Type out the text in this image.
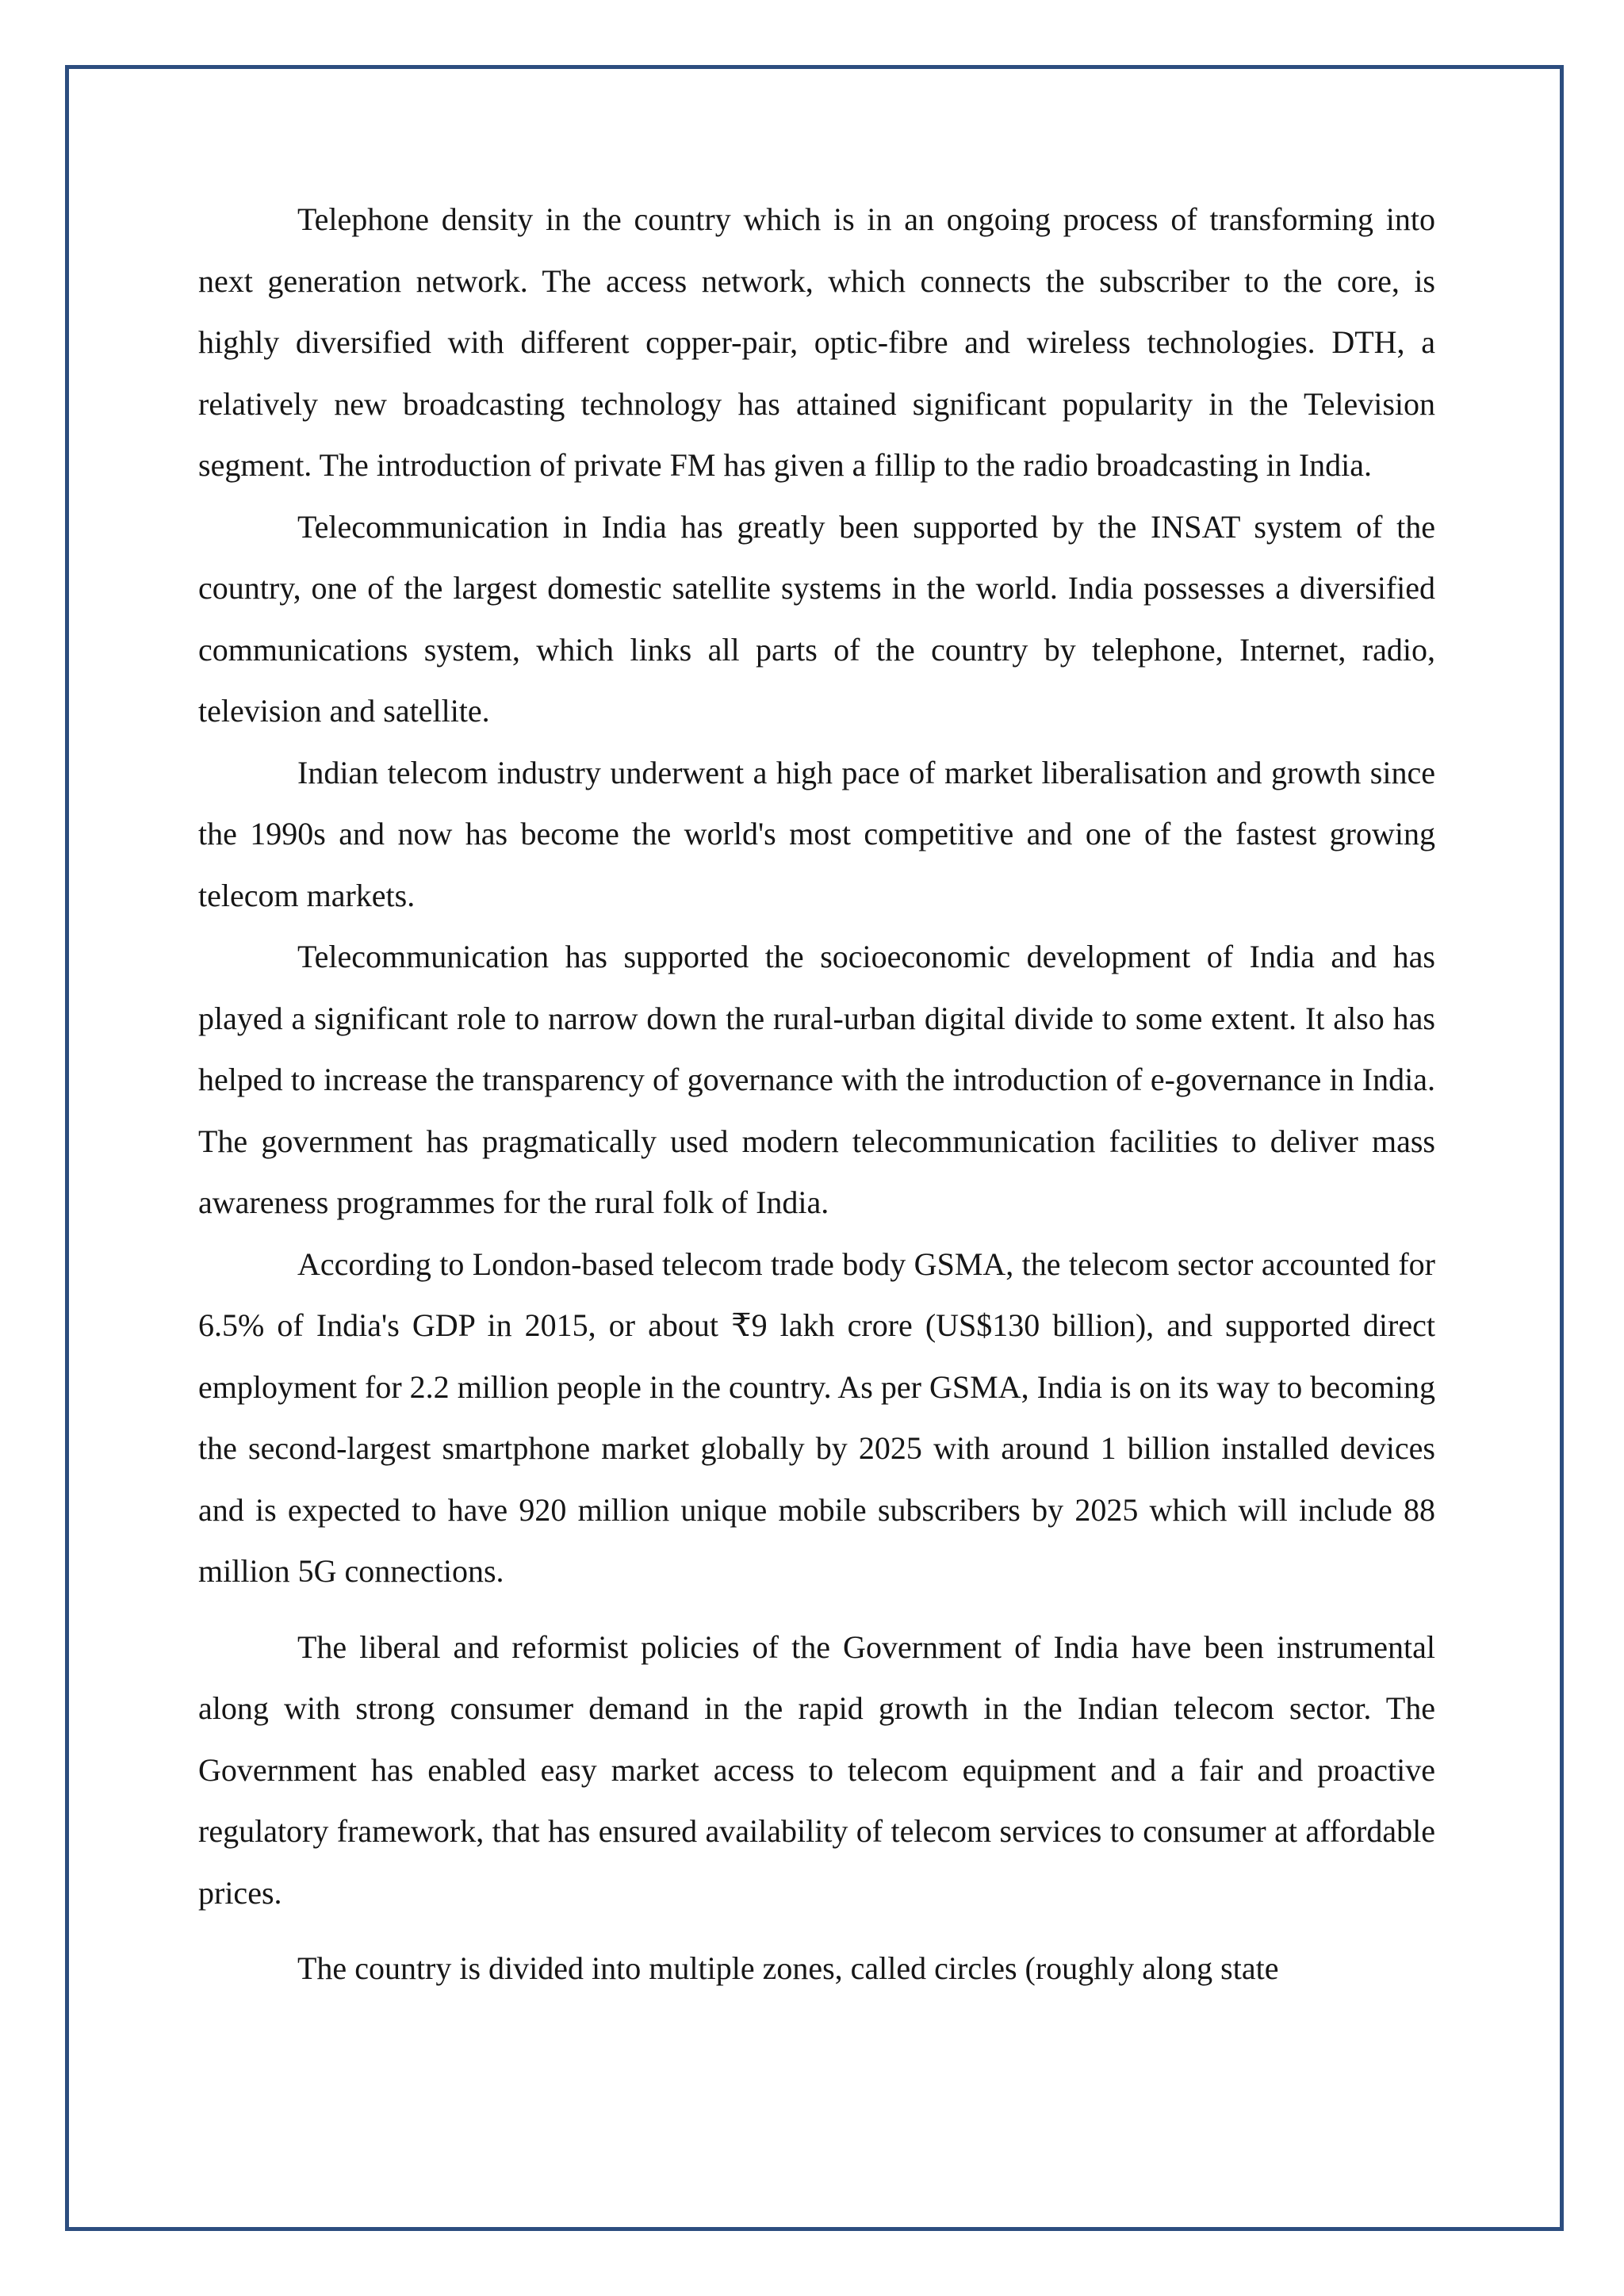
Telephone density in the country which is in an ongoing process of transforming into next generation network. The access network, which connects the subscriber to the core, is highly diversified with different copper-pair, optic-fibre and wireless technologies. DTH, a relatively new broadcasting technology has attained significant popularity in the Television segment. The introduction of private FM has given a fillip to the radio broadcasting in India.

Telecommunication in India has greatly been supported by the INSAT system of the country, one of the largest domestic satellite systems in the world. India possesses a diversified communications system, which links all parts of the country by telephone, Internet, radio, television and satellite.

Indian telecom industry underwent a high pace of market liberalisation and growth since the 1990s and now has become the world's most competitive and one of the fastest growing telecom markets.

Telecommunication has supported the socioeconomic development of India and has played a significant role to narrow down the rural-urban digital divide to some extent. It also has helped to increase the transparency of governance with the introduction of e-governance in India. The government has pragmatically used modern telecommunication facilities to deliver mass awareness programmes for the rural folk of India.

According to London-based telecom trade body GSMA, the telecom sector accounted for 6.5% of India's GDP in 2015, or about ₹9 lakh crore (US$130 billion), and supported direct employment for 2.2 million people in the country. As per GSMA, India is on its way to becoming the second-largest smartphone market globally by 2025 with around 1 billion installed devices and is expected to have 920 million unique mobile subscribers by 2025 which will include 88 million 5G connections.

The liberal and reformist policies of the Government of India have been instrumental along with strong consumer demand in the rapid growth in the Indian telecom sector. The Government has enabled easy market access to telecom equipment and a fair and proactive regulatory framework, that has ensured availability of telecom services to consumer at affordable prices.

The country is divided into multiple zones, called circles (roughly along state
